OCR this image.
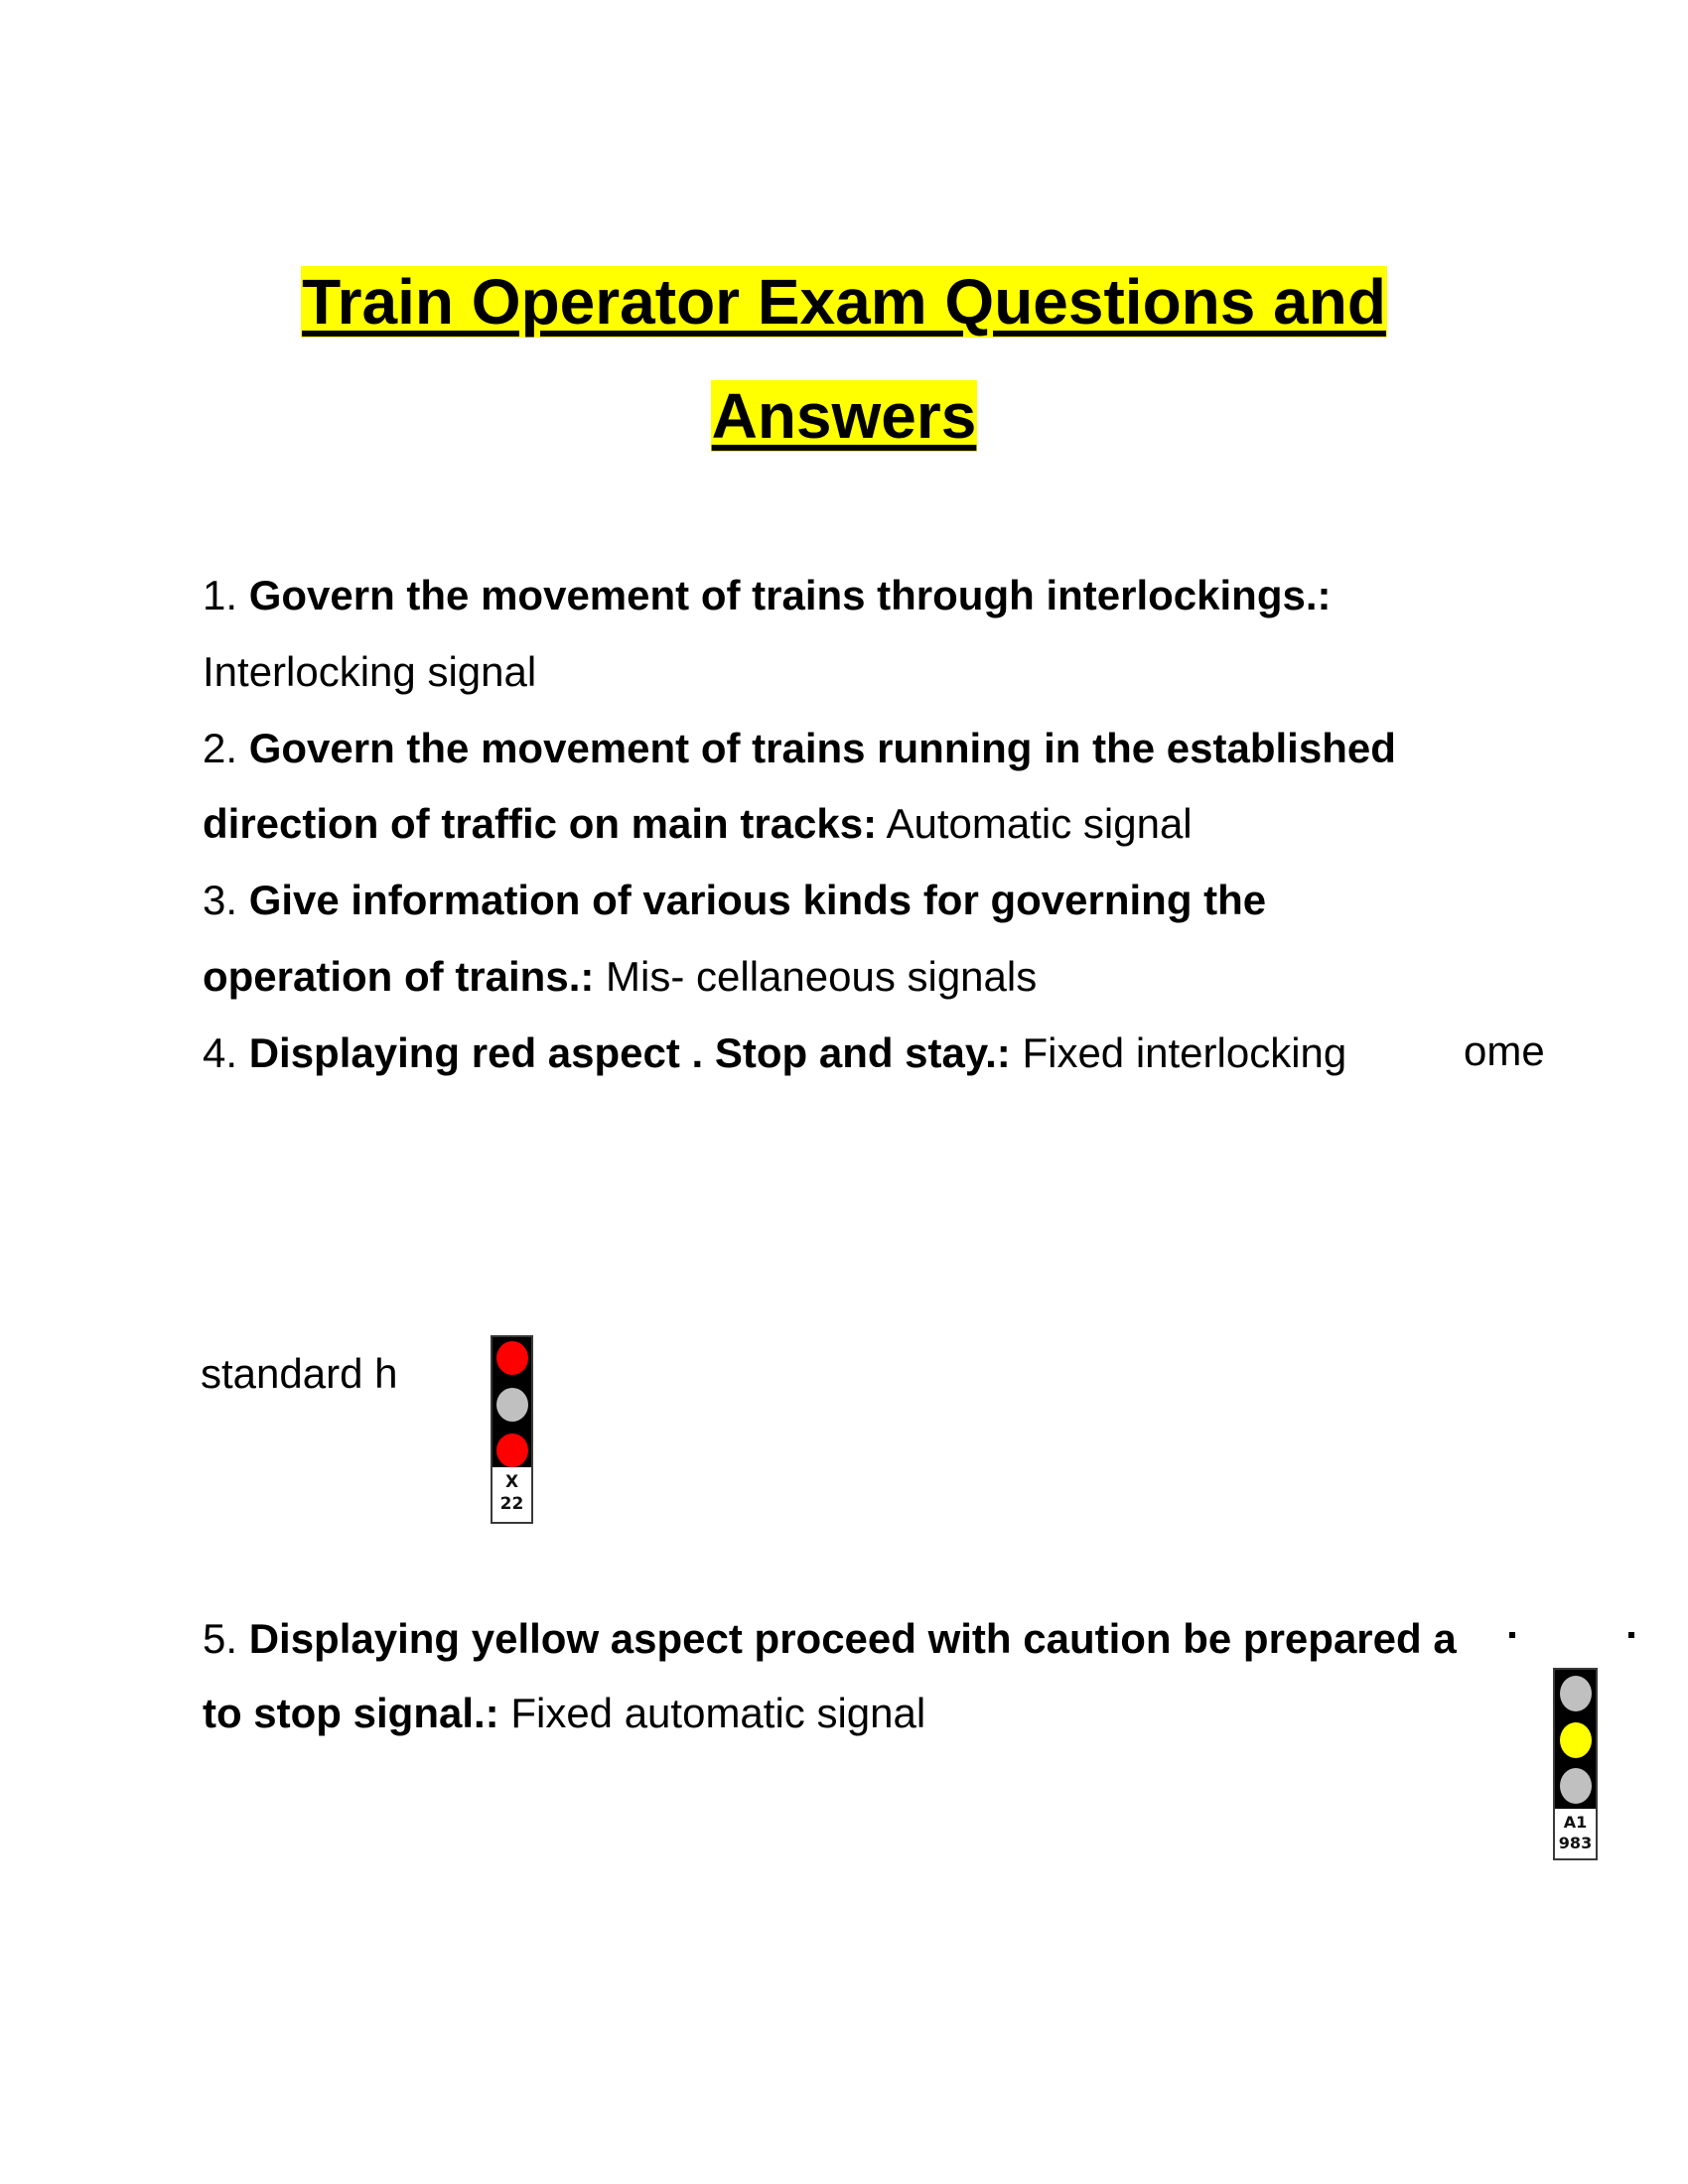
Train Operator Exam Questions and
Answers
1. Govern the movement of trains through interlockings.:
Interlocking signal
2. Govern the movement of trains running in the established
direction of traffic on main tracks: Automatic signal
3. Give information of various kinds for governing the
operation of trains.: Mis- cellaneous signals
4. Displaying red aspect . Stop and stay.: Fixed interlocking	ome
standard h
X
22
5. Displaying yellow aspect proceed with caution be prepared a
to stop signal.: Fixed automatic signal
A1
983
